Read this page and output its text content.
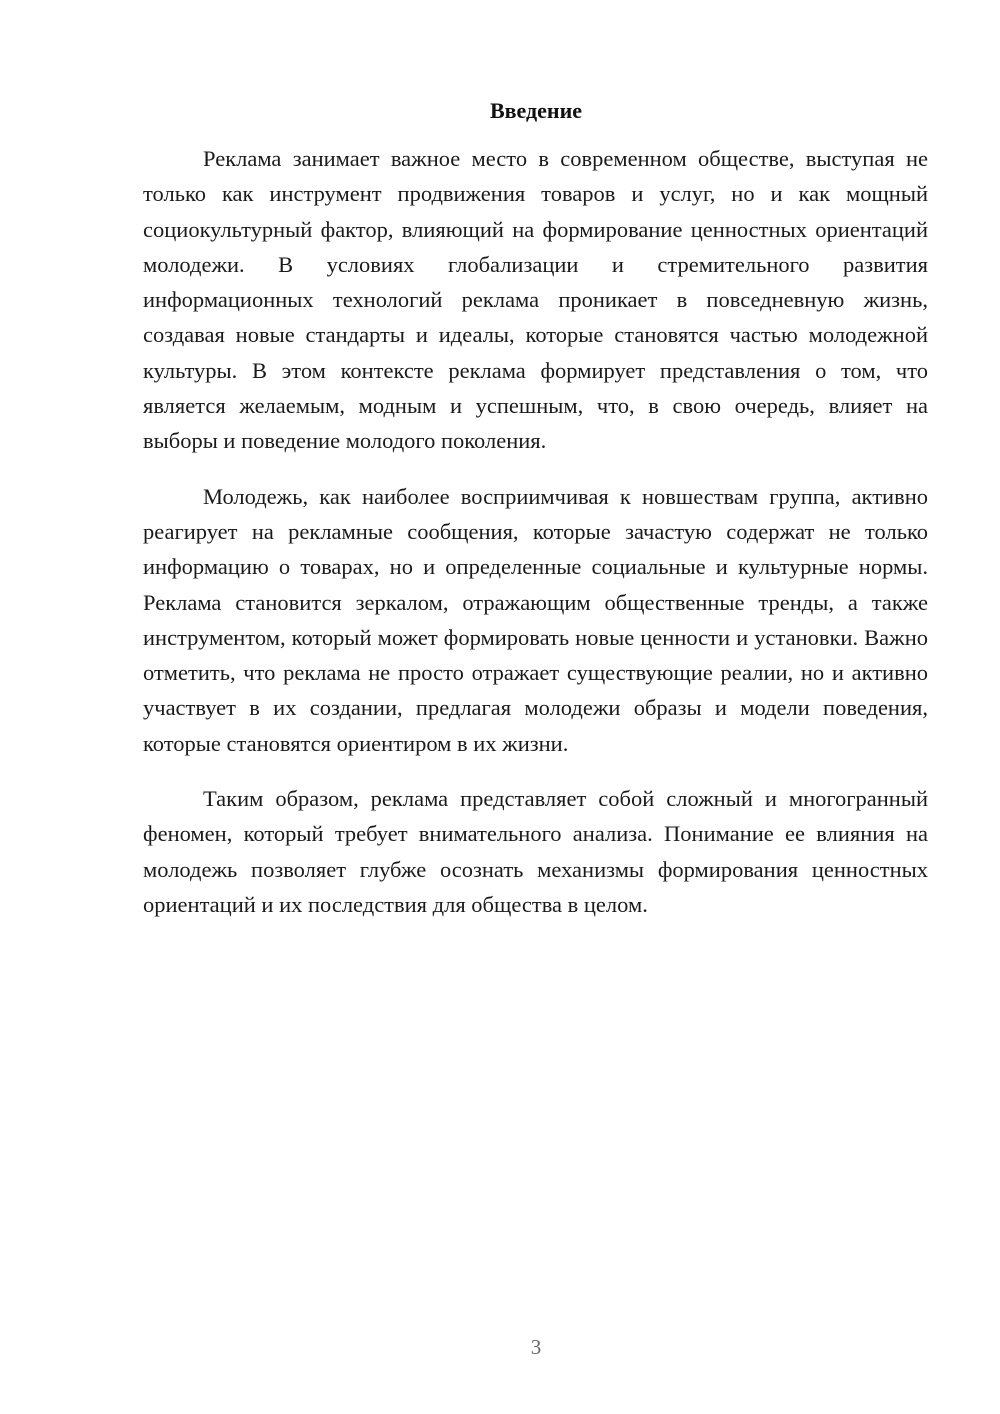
Введение

Реклама занимает важное место в современном обществе, выступая не только как инструмент продвижения товаров и услуг, но и как мощный социокультурный фактор, влияющий на формирование ценностных ориентаций молодежи. В условиях глобализации и стремительного развития информационных технологий реклама проникает в повседневную жизнь, создавая новые стандарты и идеалы, которые становятся частью молодежной культуры. В этом контексте реклама формирует представления о том, что является желаемым, модным и успешным, что, в свою очередь, влияет на выборы и поведение молодого поколения.

Молодежь, как наиболее восприимчивая к новшествам группа, активно реагирует на рекламные сообщения, которые зачастую содержат не только информацию о товарах, но и определенные социальные и культурные нормы. Реклама становится зеркалом, отражающим общественные тренды, а также инструментом, который может формировать новые ценности и установки. Важно отметить, что реклама не просто отражает существующие реалии, но и активно участвует в их создании, предлагая молодежи образы и модели поведения, которые становятся ориентиром в их жизни.

Таким образом, реклама представляет собой сложный и многогранный феномен, который требует внимательного анализа. Понимание ее влияния на молодежь позволяет глубже осознать механизмы формирования ценностных ориентаций и их последствия для общества в целом.

3
